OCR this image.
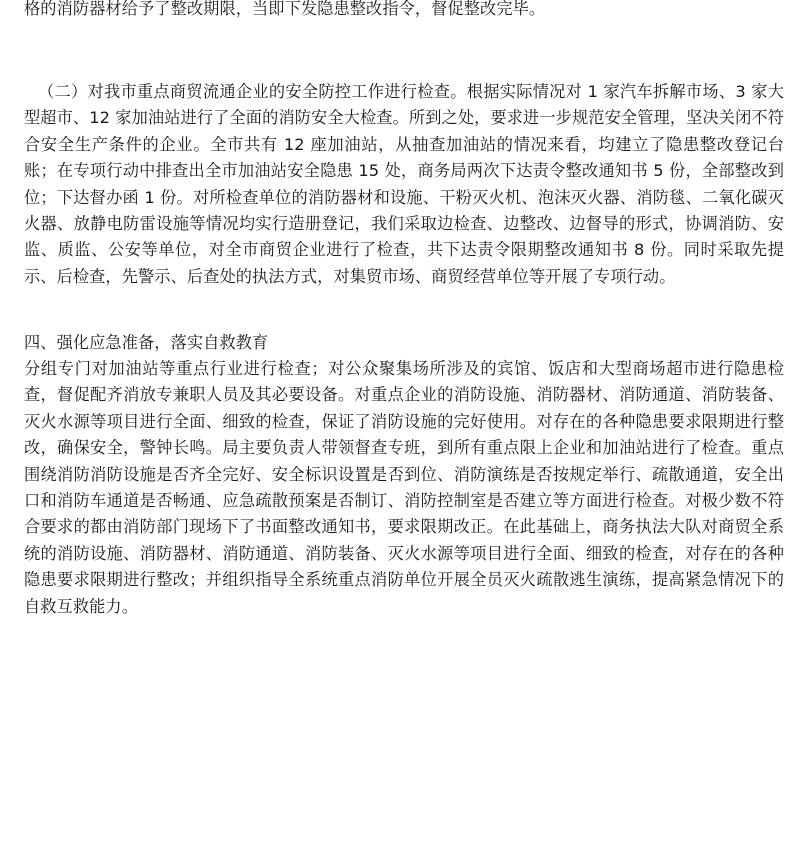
格的消防器材给予了整改期限，当即下发隐患整改指令，督促整改完毕。

（二）对我市重点商贸流通企业的安全防控工作进行检查。根据实际情况对 1 家汽车拆解市场、3 家大型超市、12 家加油站进行了全面的消防安全大检查。所到之处，要求进一步规范安全管理，坚决关闭不符合安全生产条件的企业。全市共有 12 座加油站，从抽查加油站的情况来看，均建立了隐患整改登记台账；在专项行动中排查出全市加油站安全隐患 15 处，商务局两次下达责令整改通知书 5 份，全部整改到位；下达督办函 1 份。对所检查单位的消防器材和设施、干粉灭火机、泡沫灭火器、消防毯、二氧化碳灭火器、放静电防雷设施等情况均实行造册登记，我们采取边检查、边整改、边督导的形式，协调消防、安监、质监、公安等单位，对全市商贸企业进行了检查，共下达责令限期整改通知书 8 份。同时采取先提示、后检查，先警示、后查处的执法方式，对集贸市场、商贸经营单位等开展了专项行动。

四、强化应急准备，落实自救教育

分组专门对加油站等重点行业进行检查；对公众聚集场所涉及的宾馆、饭店和大型商场超市进行隐患检查，督促配齐消放专兼职人员及其必要设备。对重点企业的消防设施、消防器材、消防通道、消防装备、灭火水源等项目进行全面、细致的检查，保证了消防设施的完好使用。对存在的各种隐患要求限期进行整改，确保安全，警钟长鸣。局主要负责人带领督查专班，到所有重点限上企业和加油站进行了检查。重点围绕消防消防设施是否齐全完好、安全标识设置是否到位、消防演练是否按规定举行、疏散通道，安全出口和消防车通道是否畅通、应急疏散预案是否制订、消防控制室是否建立等方面进行检查。对极少数不符合要求的都由消防部门现场下了书面整改通知书，要求限期改正。在此基础上，商务执法大队对商贸全系统的消防设施、消防器材、消防通道、消防装备、灭火水源等项目进行全面、细致的检查，对存在的各种隐患要求限期进行整改；并组织指导全系统重点消防单位开展全员灭火疏散逃生演练，提高紧急情况下的自救互救能力。
